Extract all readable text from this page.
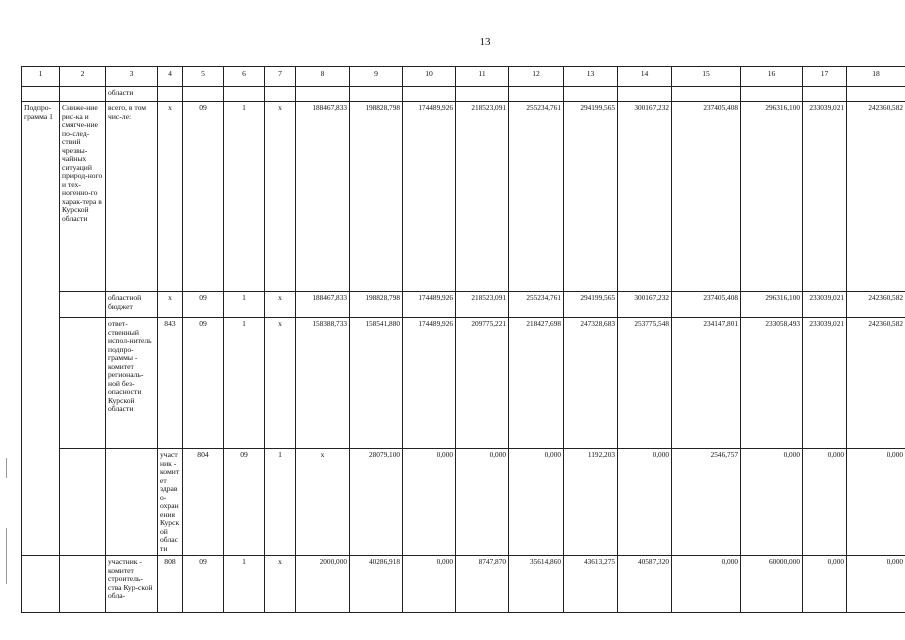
13
1	2	3	4	5	6	7	8	9	10	11	12	13	14	15	16	17	18	
		области																
Подпро-грамма 1	Сниже-ние рис-ка и смягче-ние по-след-ствий чрезвы-чайных ситуаций природ-ного и тех-ногенно-го харак-тера в Курской области	всего, в том чис-ле:	х	09	1	х	188467,833	198828,798	174489,926	218523,091	255234,761	294199,565	300167,232	237405,408	296316,100	233039,021	242360,582	
		областной бюджет	х	09	1	х	188467,833	198828,798	174489,926	218523,091	255234,761	294199,565	300167,232	237405,408	296316,100	233039,021	242360,582	
		ответ-ственный испол-нитель подпро-граммы - комитет региональ-ной без-опасности Курской области	843	09	1	х	158388,733	158541,880	174489,926	209775,221	218427,698	247328,683	253775,548	234147,801	233058,493	233039,021	242360,582	
			участник - комитет здраво-охранения Курской области	804	09	1	х	28079,100	0,000	0,000	0,000	1192,203	0,000	2546,757	0,000	0,000	0,000	
		участник - комитет строитель-ства Кур-ской обла-	808	09	1	х	2000,000	40286,918	0,000	8747,870	35614,860	43613,275	40587,320	0,000	60000,000	0,000	0,000	
